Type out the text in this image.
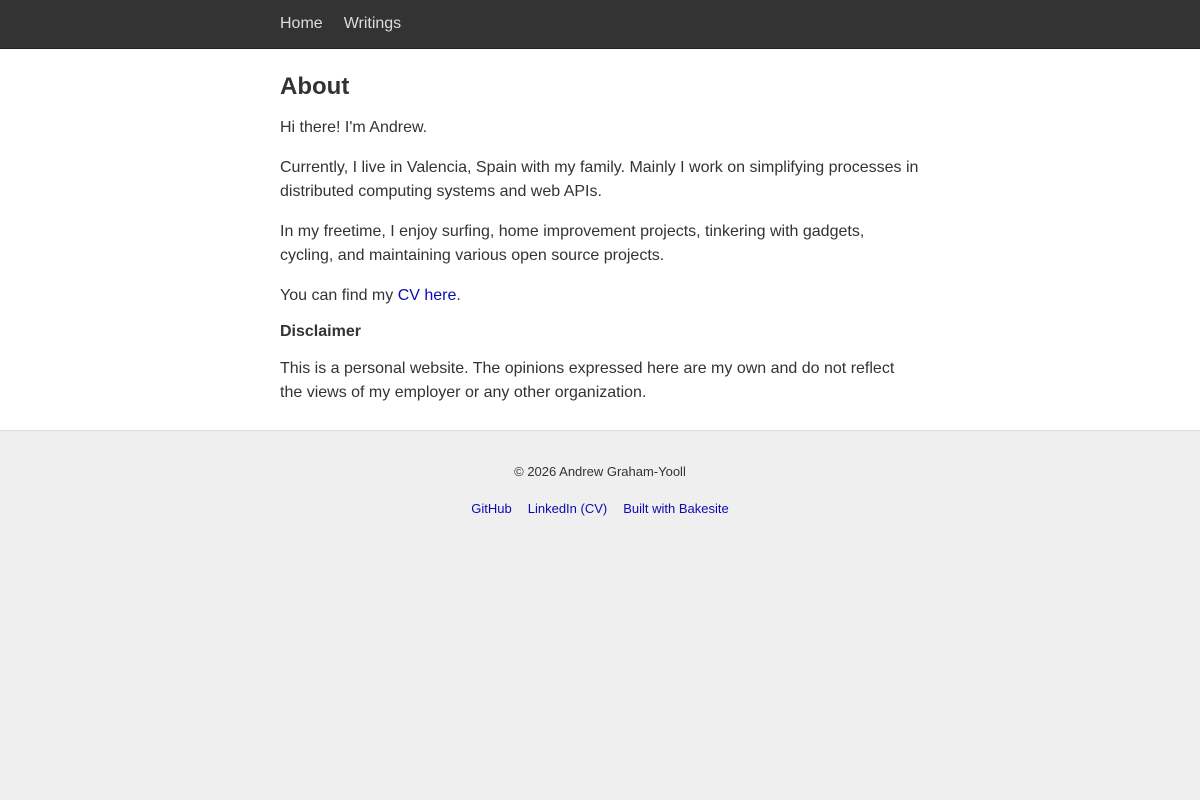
Home Writings
About

Hi there! I'm Andrew.

Currently, I live in Valencia, Spain with my family. Mainly I work on simplifying processes in distributed computing systems and web APIs.

In my freetime, I enjoy surfing, home improvement projects, tinkering with gadgets, cycling, and maintaining various open source projects.

You can find my CV here.

Disclaimer

This is a personal website. The opinions expressed here are my own and do not reflect the views of my employer or any other organization.

© 2026 Andrew Graham-Yooll
GitHub LinkedIn (CV) Built with Bakesite
